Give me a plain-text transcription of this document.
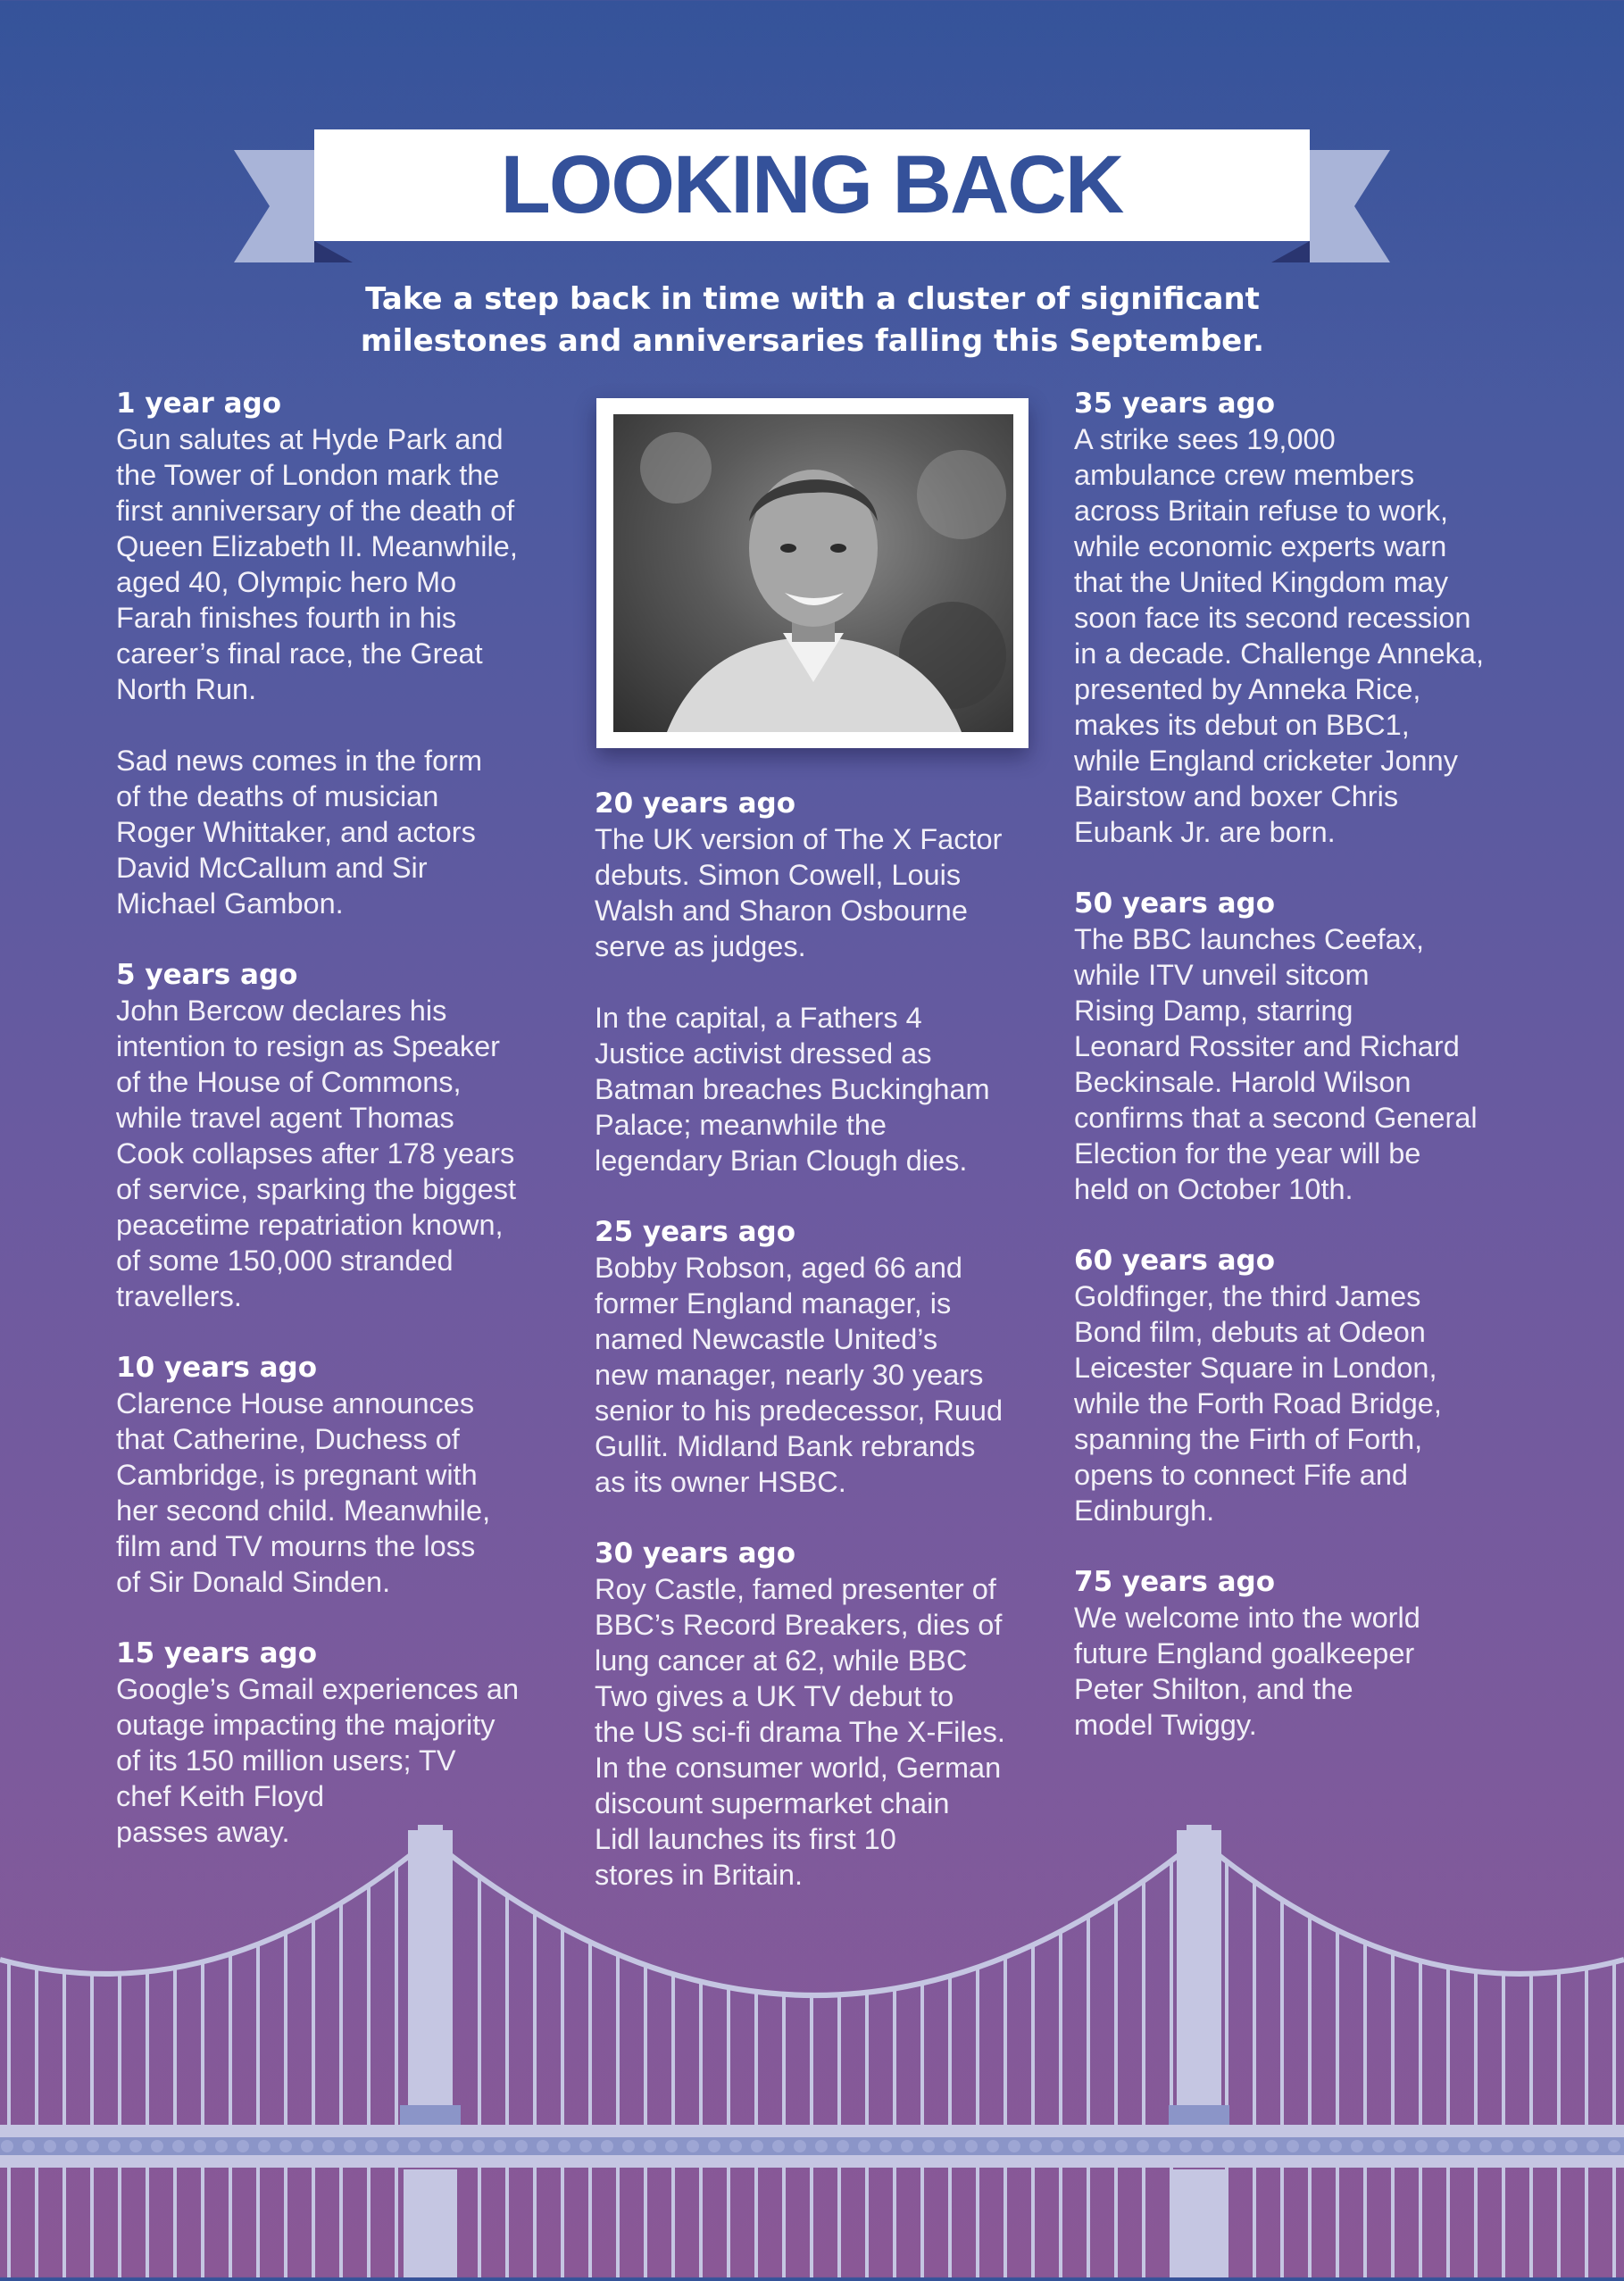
LOOKING BACK
Take a step back in time with a cluster of significant
milestones and anniversaries falling this September.
1 year ago

Gun salutes at Hyde Park and
the Tower of London mark the
first anniversary of the death of
Queen Elizabeth II. Meanwhile,
aged 40, Olympic hero Mo
Farah finishes fourth in his
career’s final race, the Great
North Run.

Sad news comes in the form
of the deaths of musician
Roger Whittaker, and actors
David McCallum and Sir
Michael Gambon.

5 years ago

John Bercow declares his
intention to resign as Speaker
of the House of Commons,
while travel agent Thomas
Cook collapses after 178 years
of service, sparking the biggest
peacetime repatriation known,
of some 150,000 stranded
travellers.

10 years ago

Clarence House announces
that Catherine, Duchess of
Cambridge, is pregnant with
her second child. Meanwhile,
film and TV mourns the loss
of Sir Donald Sinden.

15 years ago

Google’s Gmail experiences an
outage impacting the majority
of its 150 million users; TV
chef Keith Floyd
passes away.

20 years ago

The UK version of The X Factor
debuts. Simon Cowell, Louis
Walsh and Sharon Osbourne
serve as judges.

In the capital, a Fathers 4
Justice activist dressed as
Batman breaches Buckingham
Palace; meanwhile the
legendary Brian Clough dies.

25 years ago

Bobby Robson, aged 66 and
former England manager, is
named Newcastle United’s
new manager, nearly 30 years
senior to his predecessor, Ruud
Gullit. Midland Bank rebrands
as its owner HSBC.

30 years ago

Roy Castle, famed presenter of
BBC’s Record Breakers, dies of
lung cancer at 62, while BBC
Two gives a UK TV debut to
the US sci-fi drama The X-Files.
In the consumer world, German
discount supermarket chain
Lidl launches its first 10
stores in Britain.

35 years ago

A strike sees 19,000
ambulance crew members
across Britain refuse to work,
while economic experts warn
that the United Kingdom may
soon face its second recession
in a decade. Challenge Anneka,
presented by Anneka Rice,
makes its debut on BBC1,
while England cricketer Jonny
Bairstow and boxer Chris
Eubank Jr. are born.

50 years ago

The BBC launches Ceefax,
while ITV unveil sitcom
Rising Damp, starring
Leonard Rossiter and Richard
Beckinsale. Harold Wilson
confirms that a second General
Election for the year will be
held on October 10th.

60 years ago

Goldfinger, the third James
Bond film, debuts at Odeon
Leicester Square in London,
while the Forth Road Bridge,
spanning the Firth of Forth,
opens to connect Fife and
Edinburgh.

75 years ago

We welcome into the world
future England goalkeeper
Peter Shilton, and the
model Twiggy.
